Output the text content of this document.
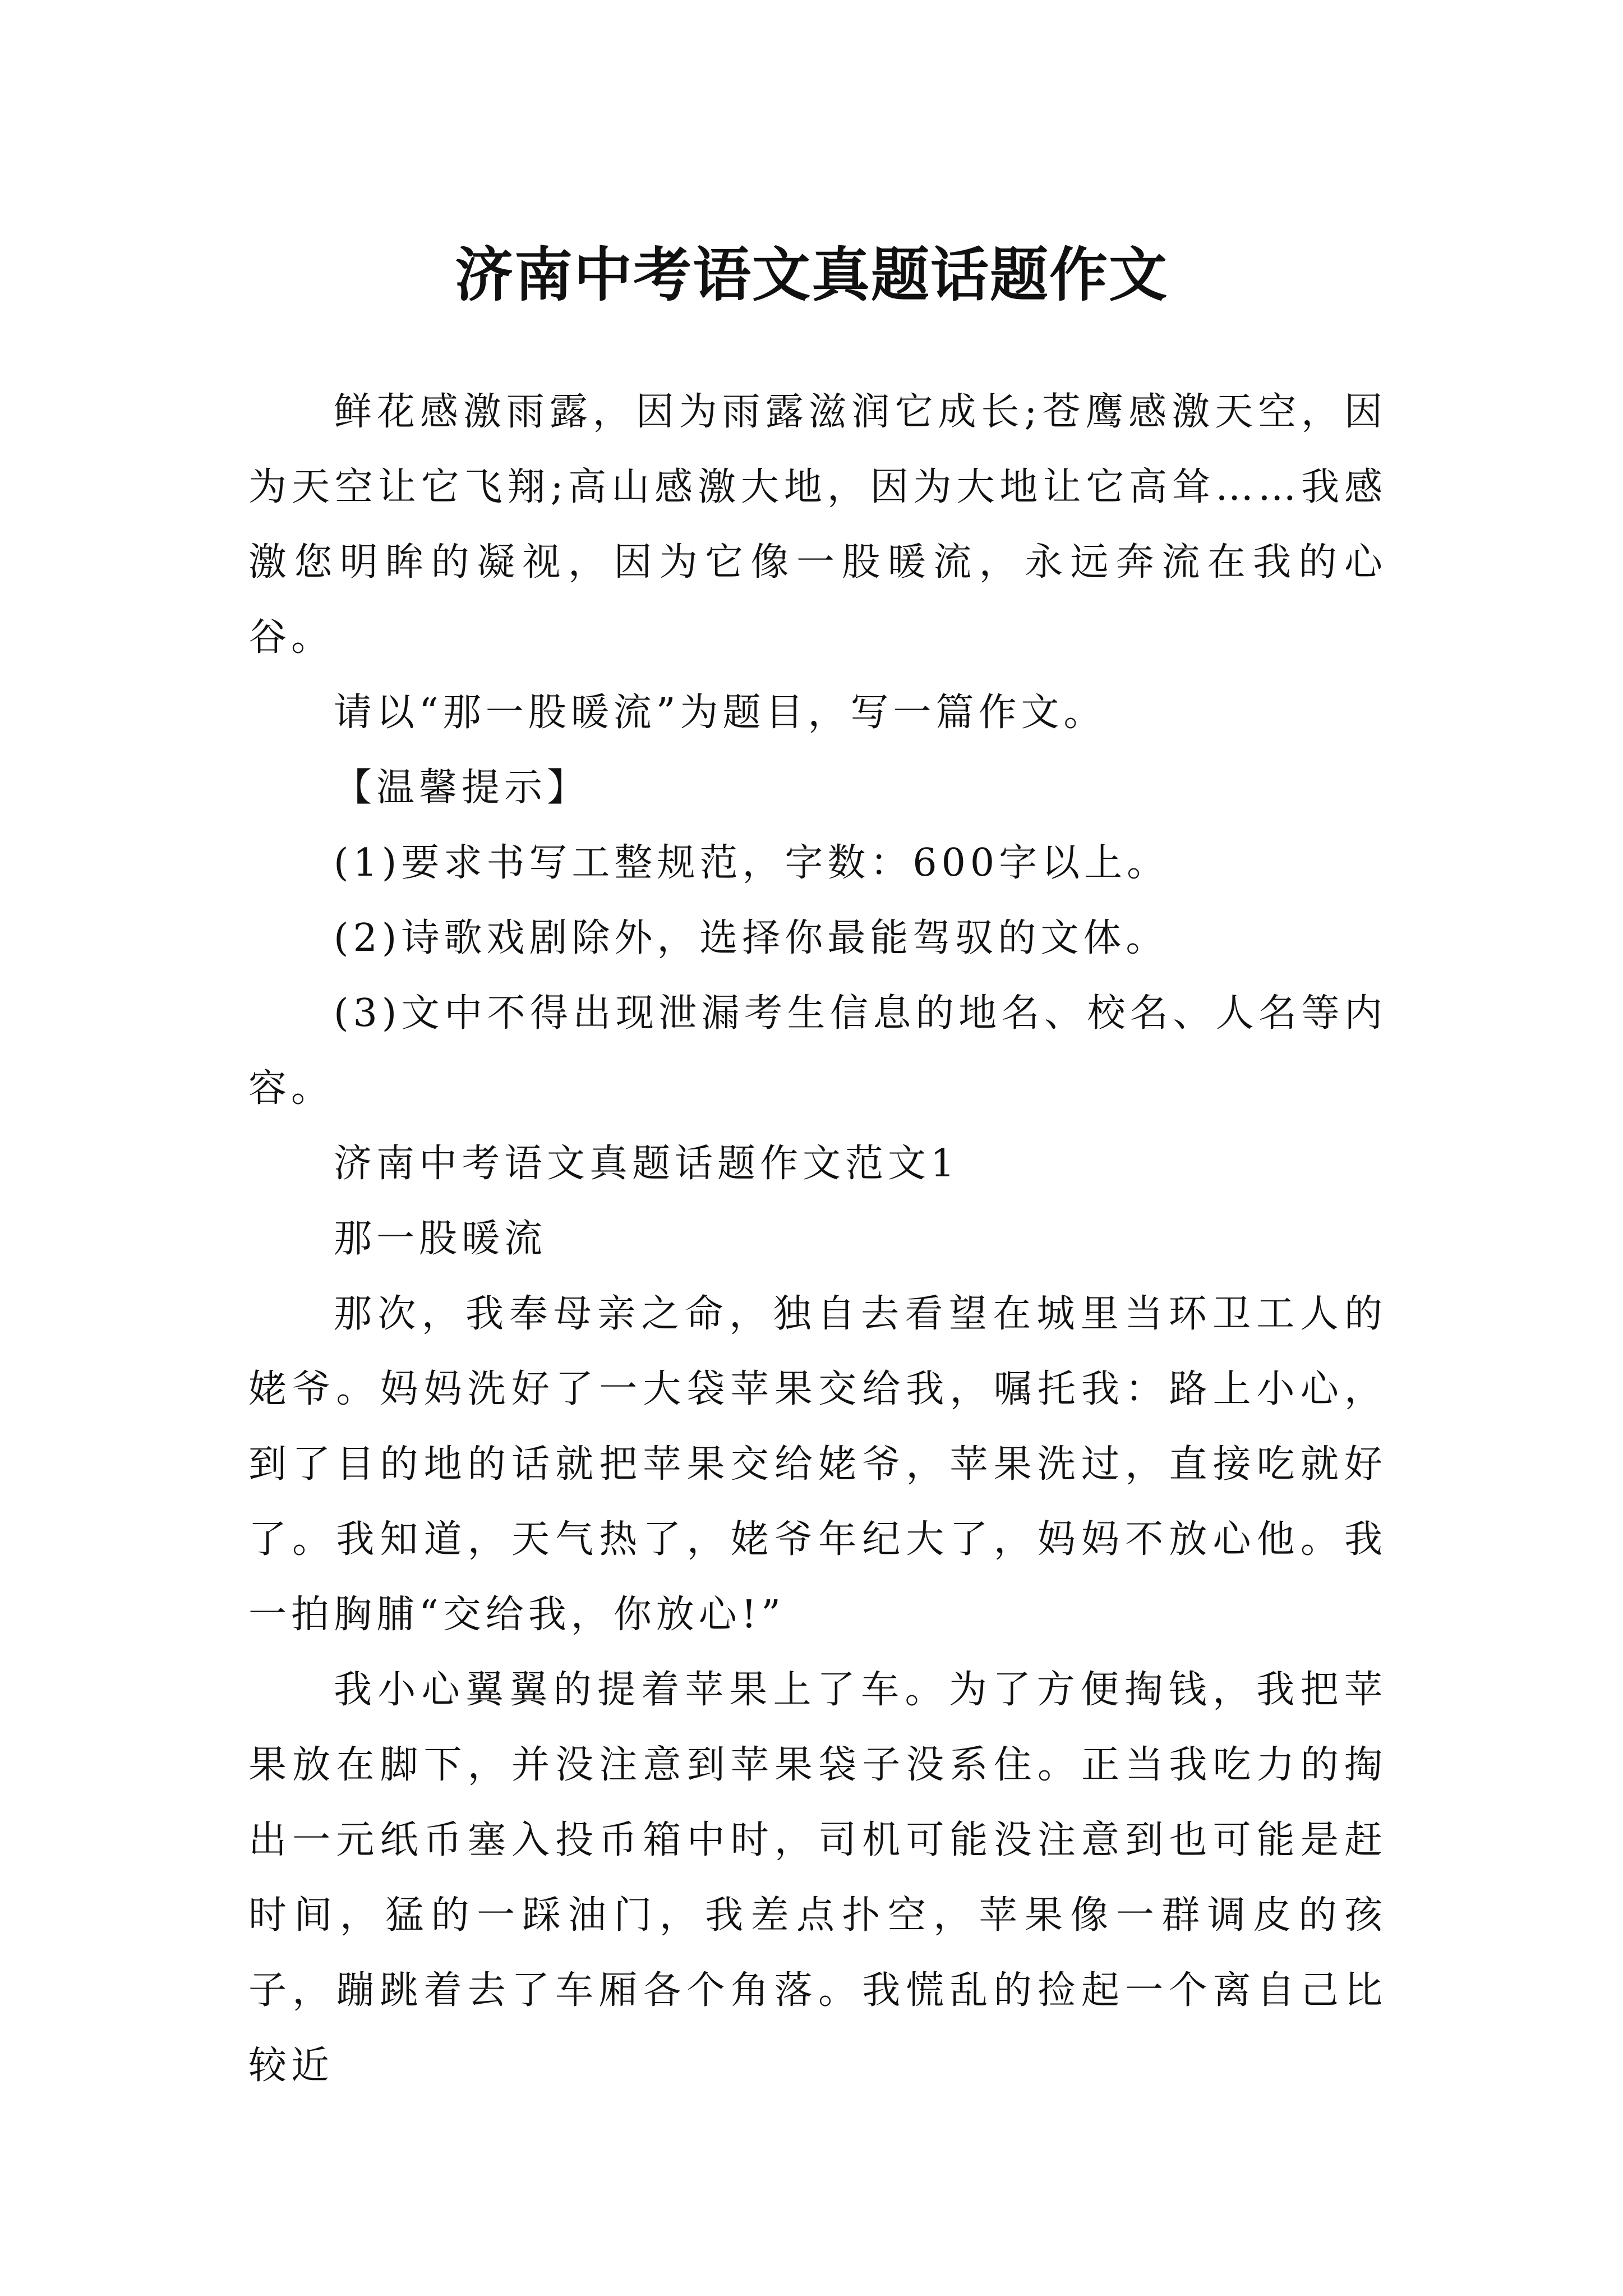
济南中考语文真题话题作文

鲜花感激雨露，因为雨露滋润它成长;苍鹰感激天空，因为天空让它飞翔;高山感激大地，因为大地让它高耸……我感激您明眸的凝视，因为它像一股暖流，永远奔流在我的心谷。

请以“那一股暖流”为题目，写一篇作文。

【温馨提示】

(1)要求书写工整规范，字数：600字以上。

(2)诗歌戏剧除外，选择你最能驾驭的文体。

(3)文中不得出现泄漏考生信息的地名、校名、人名等内容。

济南中考语文真题话题作文范文1

那一股暖流

那次，我奉母亲之命，独自去看望在城里当环卫工人的姥爷。妈妈洗好了一大袋苹果交给我，嘱托我：路上小心，到了目的地的话就把苹果交给姥爷，苹果洗过，直接吃就好了。我知道，天气热了，姥爷年纪大了，妈妈不放心他。我一拍胸脯“交给我，你放心!”

我小心翼翼的提着苹果上了车。为了方便掏钱，我把苹果放在脚下，并没注意到苹果袋子没系住。正当我吃力的掏出一元纸币塞入投币箱中时，司机可能没注意到也可能是赶时间，猛的一踩油门，我差点扑空，苹果像一群调皮的孩子，蹦跳着去了车厢各个角落。我慌乱的捡起一个离自己比较近
